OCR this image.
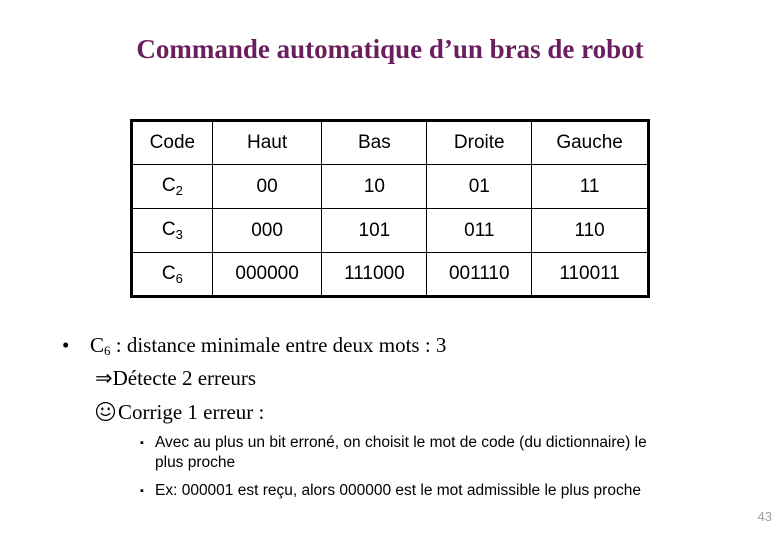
Commande automatique d’un bras de robot
Code	Haut	Bas	Droite	Gauche
$C_2$	00	10	01	11
$C_3$	000	101	011	110
$C_6$	000000	111000	001110	110011
• $C_6$ : distance minimale entre deux mots : 3
⇒Détecte 2 erreurs
Corrige 1 erreur :
▪ Avec au plus un bit erroné, on choisit le mot de code (du dictionnaire) le
plus proche
▪ Ex: 000001 est reçu, alors 000000 est le mot admissible le plus proche
43
